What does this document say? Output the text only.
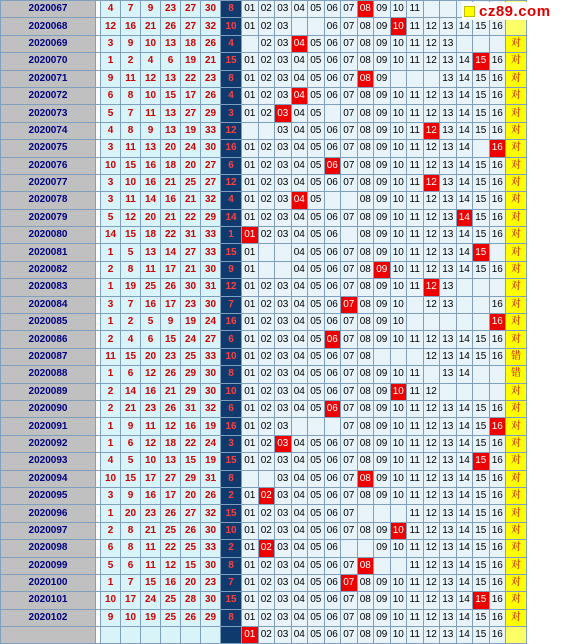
2020067		4	7	9	23	27	30	8	01	02	03	04	05	06	07	08	09	10	11						
2020068		12	16	21	26	27	32	10	01	02	03			06	07	08	09	10	11	12	13	14	15	16	
2020069		3	9	10	13	18	26	4		02	03	04	05	06	07	08	09	10	11	12	13				对
2020070		1	2	4	6	19	21	15	01	02	03	04	05	06	07	08	09	10	11	12	13	14	15	16	对
2020071		9	11	12	13	22	23	8	01	02	03	04	05	06	07	08	09				13	14	15	16	对
2020072		6	8	10	15	17	26	4	01	02	03	04	05	06	07	08	09	10	11	12	13	14	15	16	对
2020073		5	7	11	13	27	29	3	01	02	03	04	05		07	08	09	10	11	12	13	14	15	16	对
2020074		4	8	9	13	19	33	12			03	04	05	06	07	08	09	10	11	12	13	14	15	16	对
2020075		3	11	13	20	24	30	16	01	02	03	04	05	06	07	08	09	10	11	12	13	14		16	对
2020076		10	15	16	18	20	27	6	01	02	03	04	05	06	07	08	09	10	11	12	13	14	15	16	对
2020077		3	10	16	21	25	27	12	01	02	03	04	05	06	07	08	09	10	11	12	13	14	15	16	对
2020078		3	11	14	16	21	32	4	01	02	03	04	05			08	09	10	11	12	13	14	15	16	对
2020079		5	12	20	21	22	29	14	01	02	03	04	05	06	07	08	09	10	11	12	13	14	15	16	对
2020080		14	15	18	22	31	33	1	01	02	03	04	05	06		08	09	10	11	12	13	14	15	16	对
2020081		1	5	13	14	27	33	15	01			04	05	06	07	08	09	10	11	12	13	14	15		对
2020082		2	8	11	17	21	30	9	01			04	05	06	07	08	09	10	11	12	13	14	15	16	对
2020083		1	19	25	26	30	31	12	01	02	03	04	05	06	07	08	09	10	11	12	13				对
2020084		3	7	16	17	23	30	7	01	02	03	04	05	06	07	08	09	10		12	13			16	对
2020085		1	2	5	9	19	24	16	01	02	03	04	05	06	07	08	09	10						16	对
2020086		2	4	6	15	24	27	6	01	02	03	04	05	06	07	08	09	10	11	12	13	14	15	16	对
2020087		11	15	20	23	25	33	10	01	02	03	04	05	06	07	08				12	13	14	15	16	错
2020088		1	6	12	26	29	30	8	01	02	03	04	05	06	07	08	09	10	11		13	14			错
2020089		2	14	16	21	29	30	10	01	02	03	04	05	06	07	08	09	10	11	12					对
2020090		2	21	23	26	31	32	6	01	02	03	04	05	06	07	08	09	10	11	12	13	14	15	16	对
2020091		1	9	11	12	16	19	16	01	02	03				07	08	09	10	11	12	13	14	15	16	对
2020092		1	6	12	18	22	24	3	01	02	03	04	05	06	07	08	09	10	11	12	13	14	15	16	对
2020093		4	5	10	13	15	19	15	01	02	03	04	05	06	07	08	09	10	11	12	13	14	15	16	对
2020094		10	15	17	27	29	31	8			03	04	05	06	07	08	09	10	11	12	13	14	15	16	对
2020095		3	9	16	17	20	26	2	01	02	03	04	05	06	07	08	09	10	11	12	13	14	15	16	对
2020096		1	20	23	26	27	32	15	01	02	03	04	05	06	07				11	12	13	14	15	16	对
2020097		2	8	21	25	26	30	10	01	02	03	04	05	06	07	08	09	10	11	12	13	14	15	16	对
2020098		6	8	11	22	25	33	2	01	02	03	04	05	06			09	10	11	12	13	14	15	16	对
2020099		5	6	11	12	15	30	8	01	02	03	04	05	06	07	08			11	12	13	14	15	16	对
2020100		1	7	15	16	20	23	7	01	02	03	04	05	06	07	08	09	10	11	12	13	14	15	16	对
2020101		10	17	24	25	28	30	15	01	02	03	04	05	06	07	08	09	10	11	12	13	14	15	16	对
2020102		9	10	19	25	26	29	8	01	02	03	04	05	06	07	08	09	10	11	12	13	14	15	16	对
									01	02	03	04	05	06	07	08	09	10	11	12	13	14	15	16	
cz89.com
